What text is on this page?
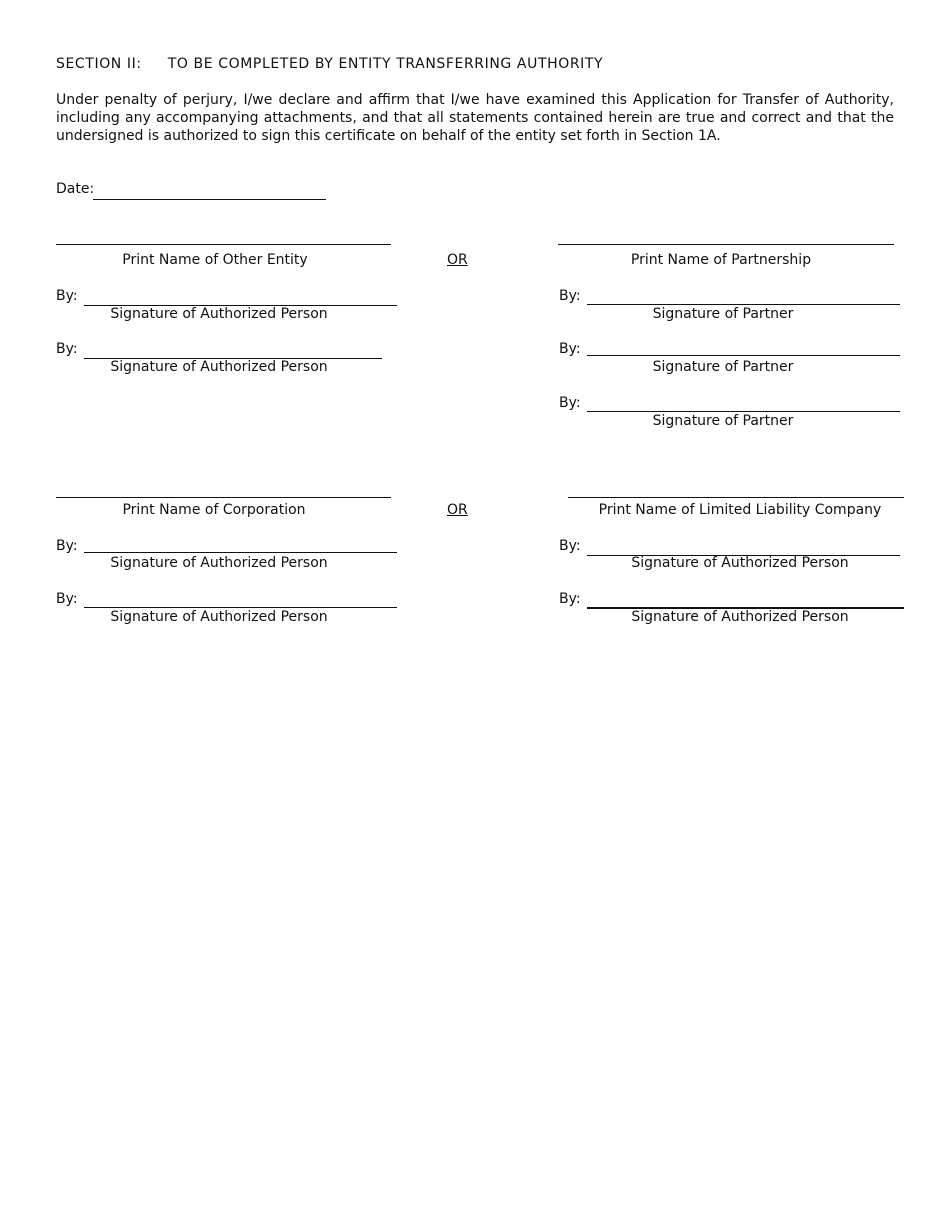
SECTION II: TO BE COMPLETED BY ENTITY TRANSFERRING AUTHORITY
Under penalty of perjury, I/we declare and affirm that I/we have examined this Application for Transfer of Authority, including any accompanying attachments, and that all statements contained herein are true and correct and that the undersigned is authorized to sign this certificate on behalf of the entity set forth in Section 1A.
Date:
Print Name of Other Entity
By:
Signature of Authorized Person
By:
Signature of Authorized Person
OR	Print Name of Partnership
By:
Signature of Partner
By:
Signature of Partner
By:
Signature of Partner
Print Name of Corporation
By:
Signature of Authorized Person
By:
Signature of Authorized Person
OR	Print Name of Limited Liability Company
By:
Signature of Authorized Person
By:
Signature of Authorized Person
